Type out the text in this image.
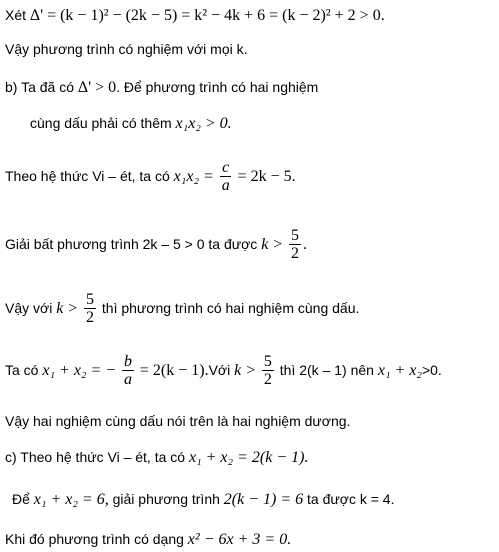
Xét Δ' = (k − 1)² − (2k − 5) = k² − 4k + 6 = (k − 2)² + 2 > 0.
Vậy phương trình có nghiệm với mọi k.
b) Ta đã có Δ' > 0. Để phương trình có hai nghiệm
cùng dấu phải có thêm x₁x₂ > 0.
Theo hệ thức Vi – ét, ta có $x_1x_2 = \frac{c}{a} = 2k - 5$.
Giải bất phương trình 2k – 5 > 0 ta được $k > \frac{5}{2}$ .
Vậy với $k > \frac{5}{2}$ thì phương trình có hai nghiệm cùng dấu.
Ta có x₁ + x₂ = − $\frac{b}{a} = 2(k$ − 1).Với $k > \frac{5}{2}$ thì 2(k – 1) nên x₁ + x₂>0.
Vậy hai nghiệm cùng dấu nói trên là hai nghiệm dương.
c) Theo hệ thức Vi – ét, ta có x₁ + x₂ = 2(k − 1).
Để x₁ + x₂ = 6, giải phương trình 2(k − 1) = 6 ta được k = 4.
Khi đó phương trình có dạng x² − 6x + 3 = 0.
